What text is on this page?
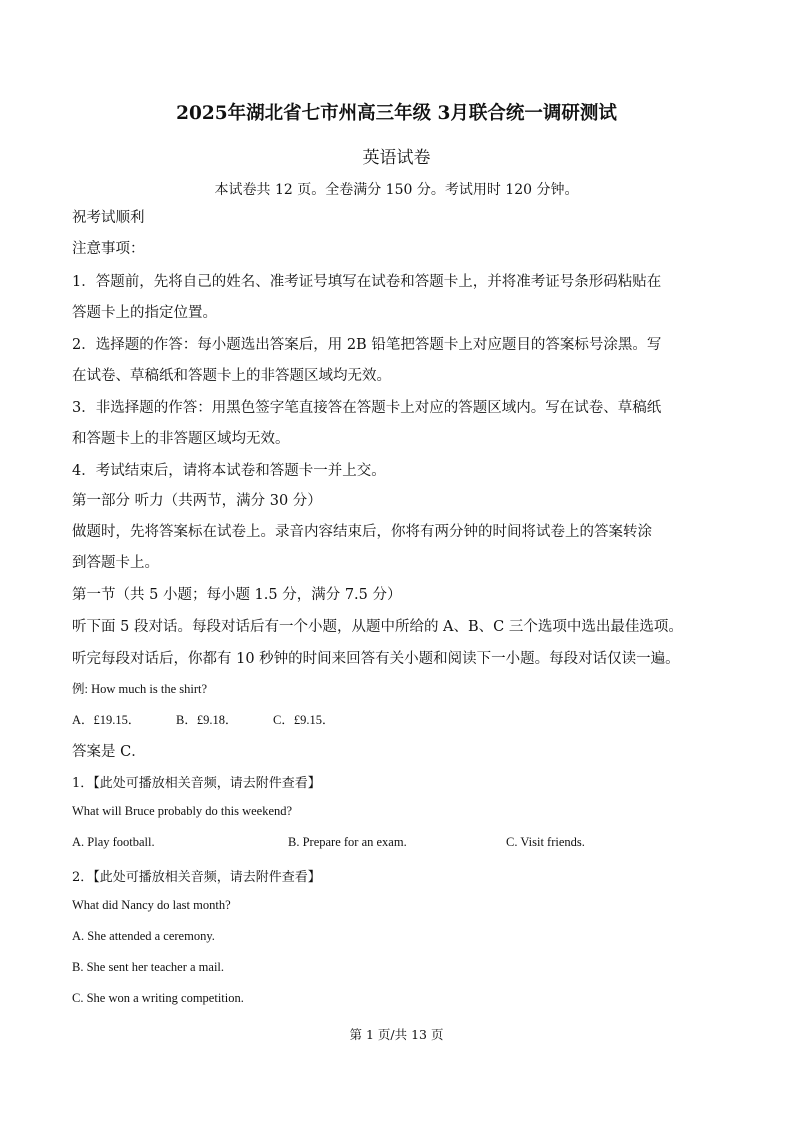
2025年湖北省七市州高三年级 3月联合统一调研测试
英语试卷
本试卷共 12 页。全卷满分 150 分。考试用时 120 分钟。
祝考试顺利
注意事项：
1．答题前，先将自己的姓名、准考证号填写在试卷和答题卡上，并将准考证号条形码粘贴在
答题卡上的指定位置。
2．选择题的作答：每小题选出答案后，用 2B 铅笔把答题卡上对应题目的答案标号涂黑。写
在试卷、草稿纸和答题卡上的非答题区域均无效。
3．非选择题的作答：用黑色签字笔直接答在答题卡上对应的答题区域内。写在试卷、草稿纸
和答题卡上的非答题区域均无效。
4．考试结束后，请将本试卷和答题卡一并上交。
第一部分 听力（共两节，满分 30 分）
做题时，先将答案标在试卷上。录音内容结束后，你将有两分钟的时间将试卷上的答案转涂
到答题卡上。
第一节（共 5 小题；每小题 1.5 分，满分 7.5 分）
听下面 5 段对话。每段对话后有一个小题，从题中所给的 A、B、C 三个选项中选出最佳选项。
听完每段对话后，你都有 10 秒钟的时间来回答有关小题和阅读下一小题。每段对话仅读一遍。
例: How much is the shirt?
A．£19.15．	B．£9.18．	C．£9.15．
答案是 C．
1．【此处可播放相关音频，请去附件查看】
What will Bruce probably do this weekend?
A. Play football.	B. Prepare for an exam.	C. Visit friends.
2．【此处可播放相关音频，请去附件查看】
What did Nancy do last month?
A. She attended a ceremony.
B. She sent her teacher a mail.
C. She won a writing competition.
第 1 页/共 13 页
